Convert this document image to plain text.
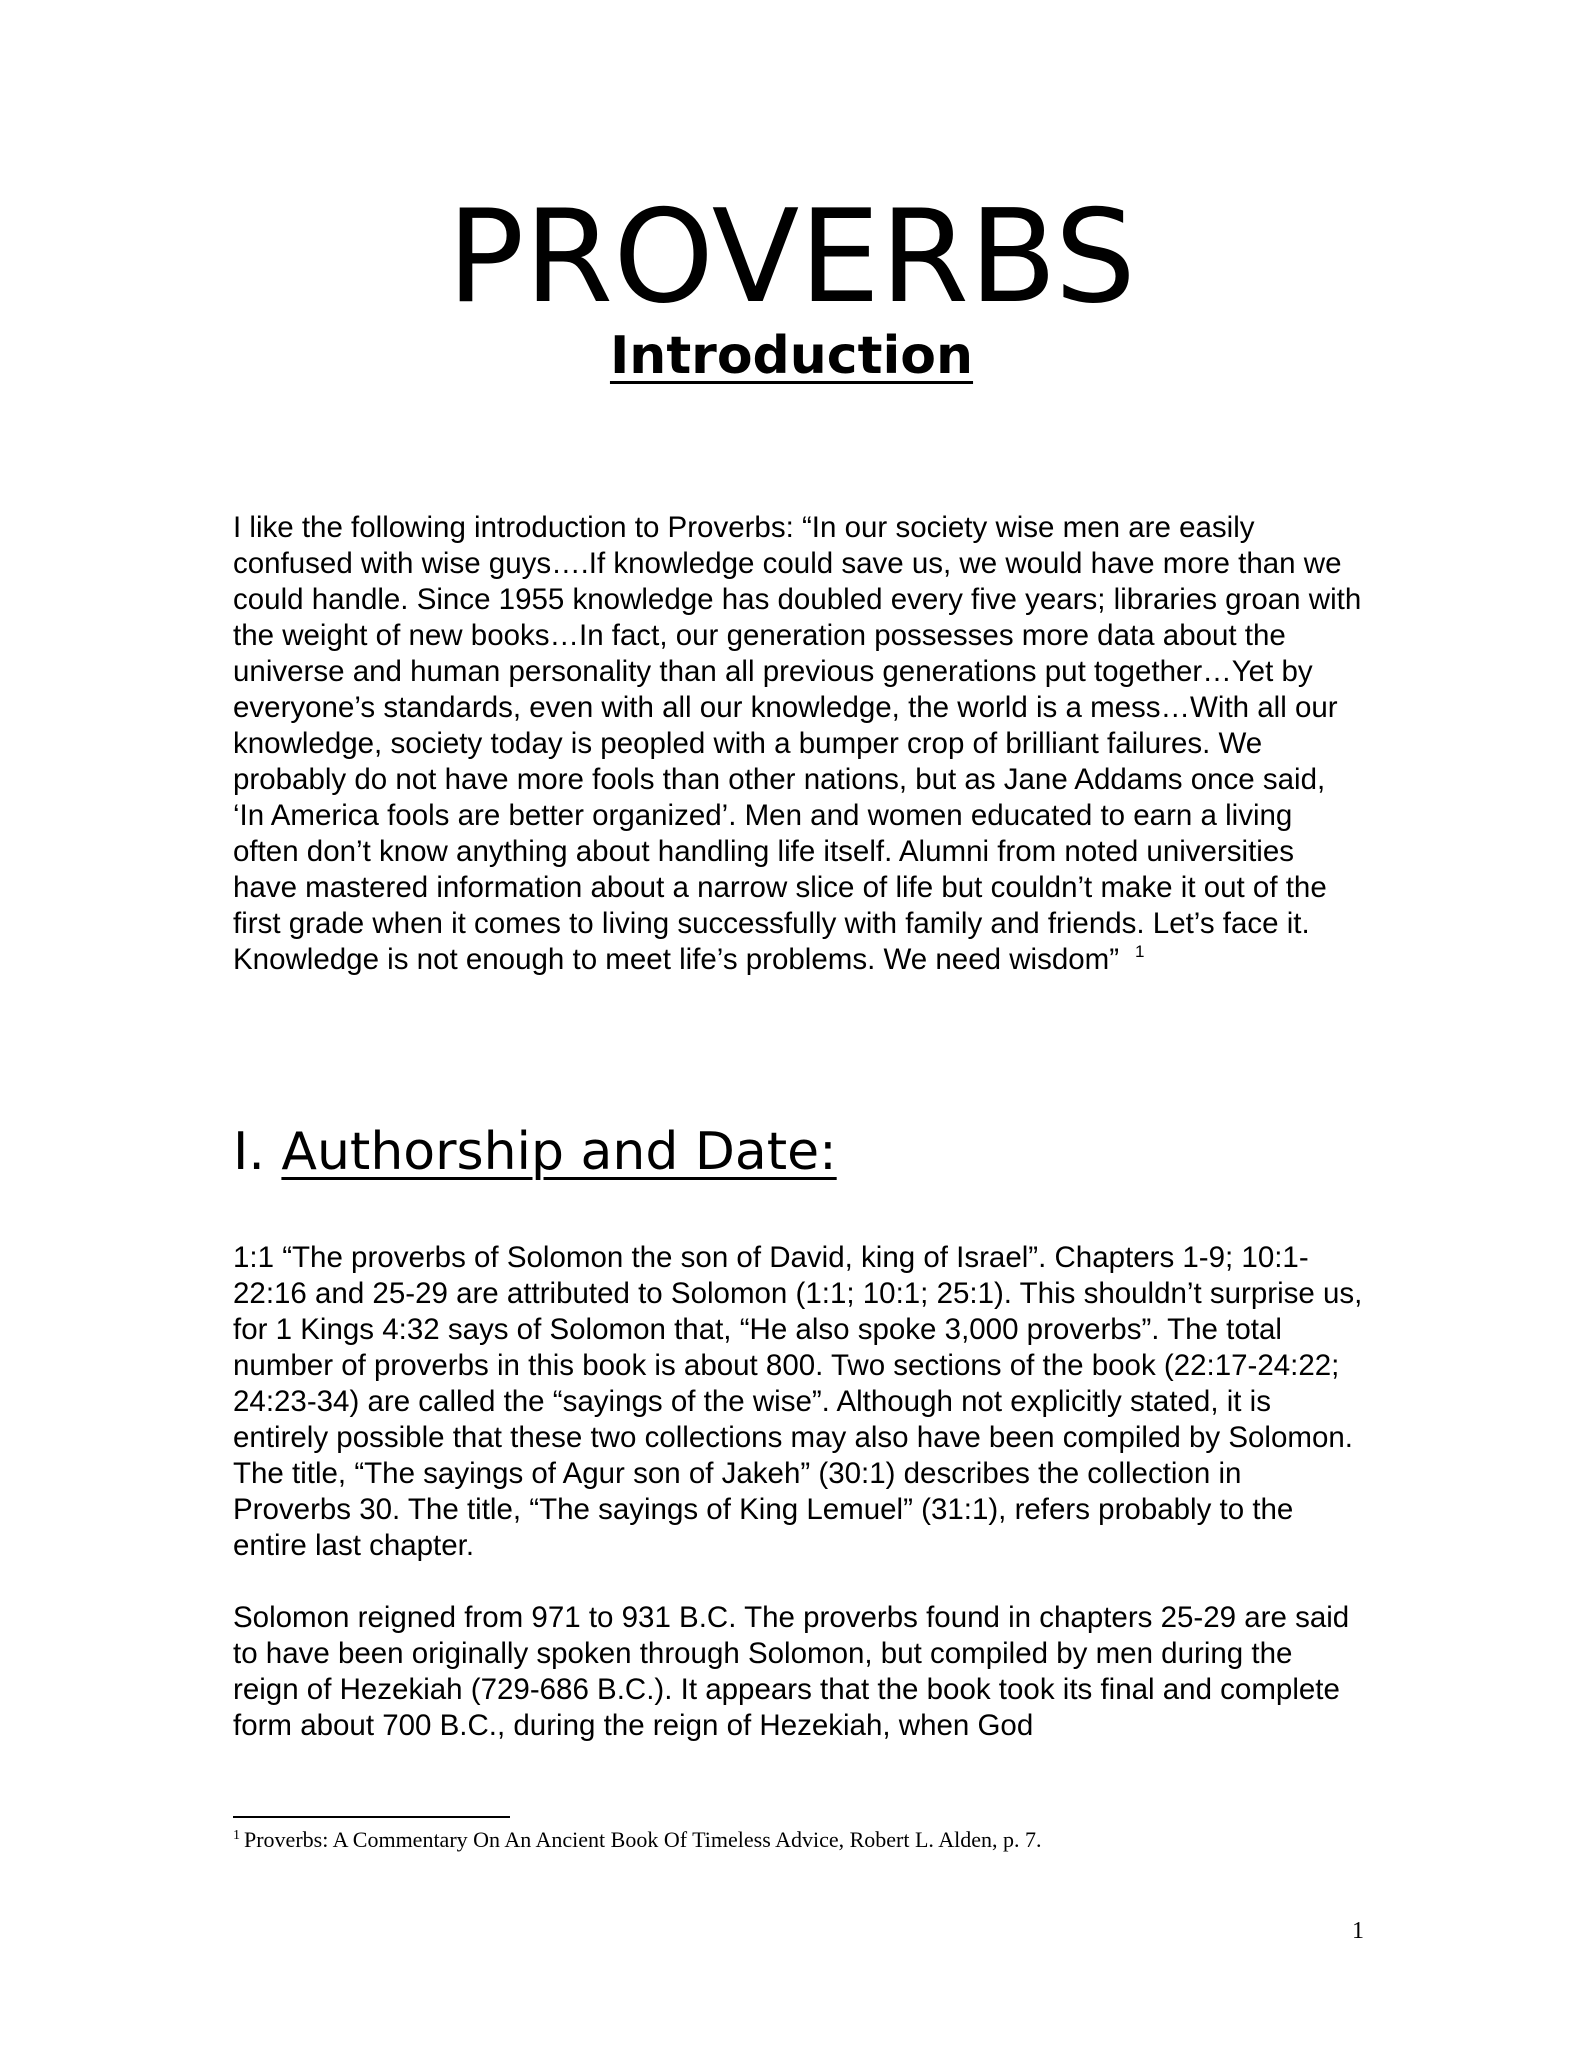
PROVERBS
Introduction

I like the following introduction to Proverbs: “In our society wise men are easily confused with wise guys….If knowledge could save us, we would have more than we could handle. Since 1955 knowledge has doubled every five years; libraries groan with the weight of new books…In fact, our generation possesses more data about the universe and human personality than all previous generations put together…Yet by everyone’s standards, even with all our knowledge, the world is a mess…With all our knowledge, society today is peopled with a bumper crop of brilliant failures. We probably do not have more fools than other nations, but as Jane Addams once said, ‘In America fools are better organized’. Men and women educated to earn a living often don’t know anything about handling life itself. Alumni from noted universities have mastered information about a narrow slice of life but couldn’t make it out of the first grade when it comes to living successfully with family and friends. Let’s face it. Knowledge is not enough to meet life’s problems. We need wisdom” $^1$

I. Authorship and Date:

1:1 “The proverbs of Solomon the son of David, king of Israel”. Chapters 1-9; 10:1-22:16 and 25-29 are attributed to Solomon (1:1; 10:1; 25:1). This shouldn’t surprise us, for 1 Kings 4:32 says of Solomon that, “He also spoke 3,000 proverbs”. The total number of proverbs in this book is about 800. Two sections of the book (22:17-24:22; 24:23-34) are called the “sayings of the wise”. Although not explicitly stated, it is entirely possible that these two collections may also have been compiled by Solomon. The title, “The sayings of Agur son of Jakeh” (30:1) describes the collection in Proverbs 30. The title, “The sayings of King Lemuel” (31:1), refers probably to the entire last chapter.

Solomon reigned from 971 to 931 B.C. The proverbs found in chapters 25-29 are said to have been originally spoken through Solomon, but compiled by men during the reign of Hezekiah (729-686 B.C.). It appears that the book took its final and complete form about 700 B.C., during the reign of Hezekiah, when God

$^1$ Proverbs: A Commentary On An Ancient Book Of Timeless Advice, Robert L. Alden, p. 7.

1
